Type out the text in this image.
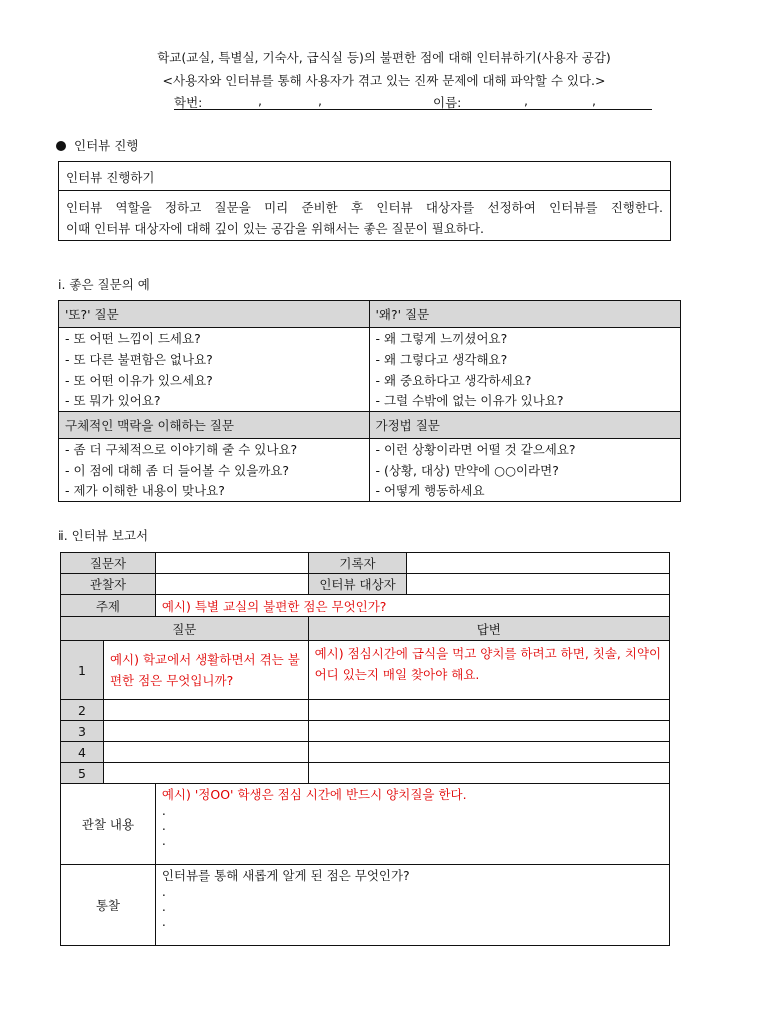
학교(교실, 특별실, 기숙사, 급식실 등)의 불편한 점에 대해 인터뷰하기(사용자 공감)
<사용자와 인터뷰를 통해 사용자가 겪고 있는 진짜 문제에 대해 파악할 수 있다.>
학번:	,	,	이름:	,	,
인터뷰 진행
인터뷰 진행하기
인터뷰 역할을 정하고 질문을 미리 준비한 후 인터뷰 대상자를 선정하여 인터뷰를 진행한다.
이때 인터뷰 대상자에 대해 깊이 있는 공감을 위해서는 좋은 질문이 필요하다.
ⅰ. 좋은 질문의 예
'또?' 질문	'왜?' 질문
- 또 어떤 느낌이 드세요?	- 왜 그렇게 느끼셨어요?
- 또 다른 불편함은 없나요?	- 왜 그렇다고 생각해요?
- 또 어떤 이유가 있으세요?	- 왜 중요하다고 생각하세요?
- 또 뭐가 있어요?	- 그럴 수밖에 없는 이유가 있나요?
구체적인 맥락을 이해하는 질문	가정법 질문
- 좀 더 구체적으로 이야기해 줄 수 있나요?	- 이런 상황이라면 어떨 것 같으세요?
- 이 점에 대해 좀 더 들어볼 수 있을까요?	- (상황, 대상) 만약에 ○○이라면?
- 제가 이해한 내용이 맞나요?	- 어떻게 행동하세요
ⅱ. 인터뷰 보고서
질문자			기록자	
관찰자			인터뷰 대상자	
주제		예시) 특별 교실의 불편한 점은 무엇인가?		
질문			답변	
1	예시) 학교에서 생활하면서 겪는 불편한 점은 무엇입니까?		예시) 점심시간에 급식을 먹고 양치를 하려고 하면, 칫솔, 치약이 어디 있는지 매일 찾아야 해요.	
2				
3				
4				
5				
관찰 내용		예시) '정OO' 학생은 점심 시간에 반드시 양치질을 한다.
.
.
.		

통찰		인터뷰를 통해 새롭게 알게 된 점은 무엇인가?
.
.
.		
